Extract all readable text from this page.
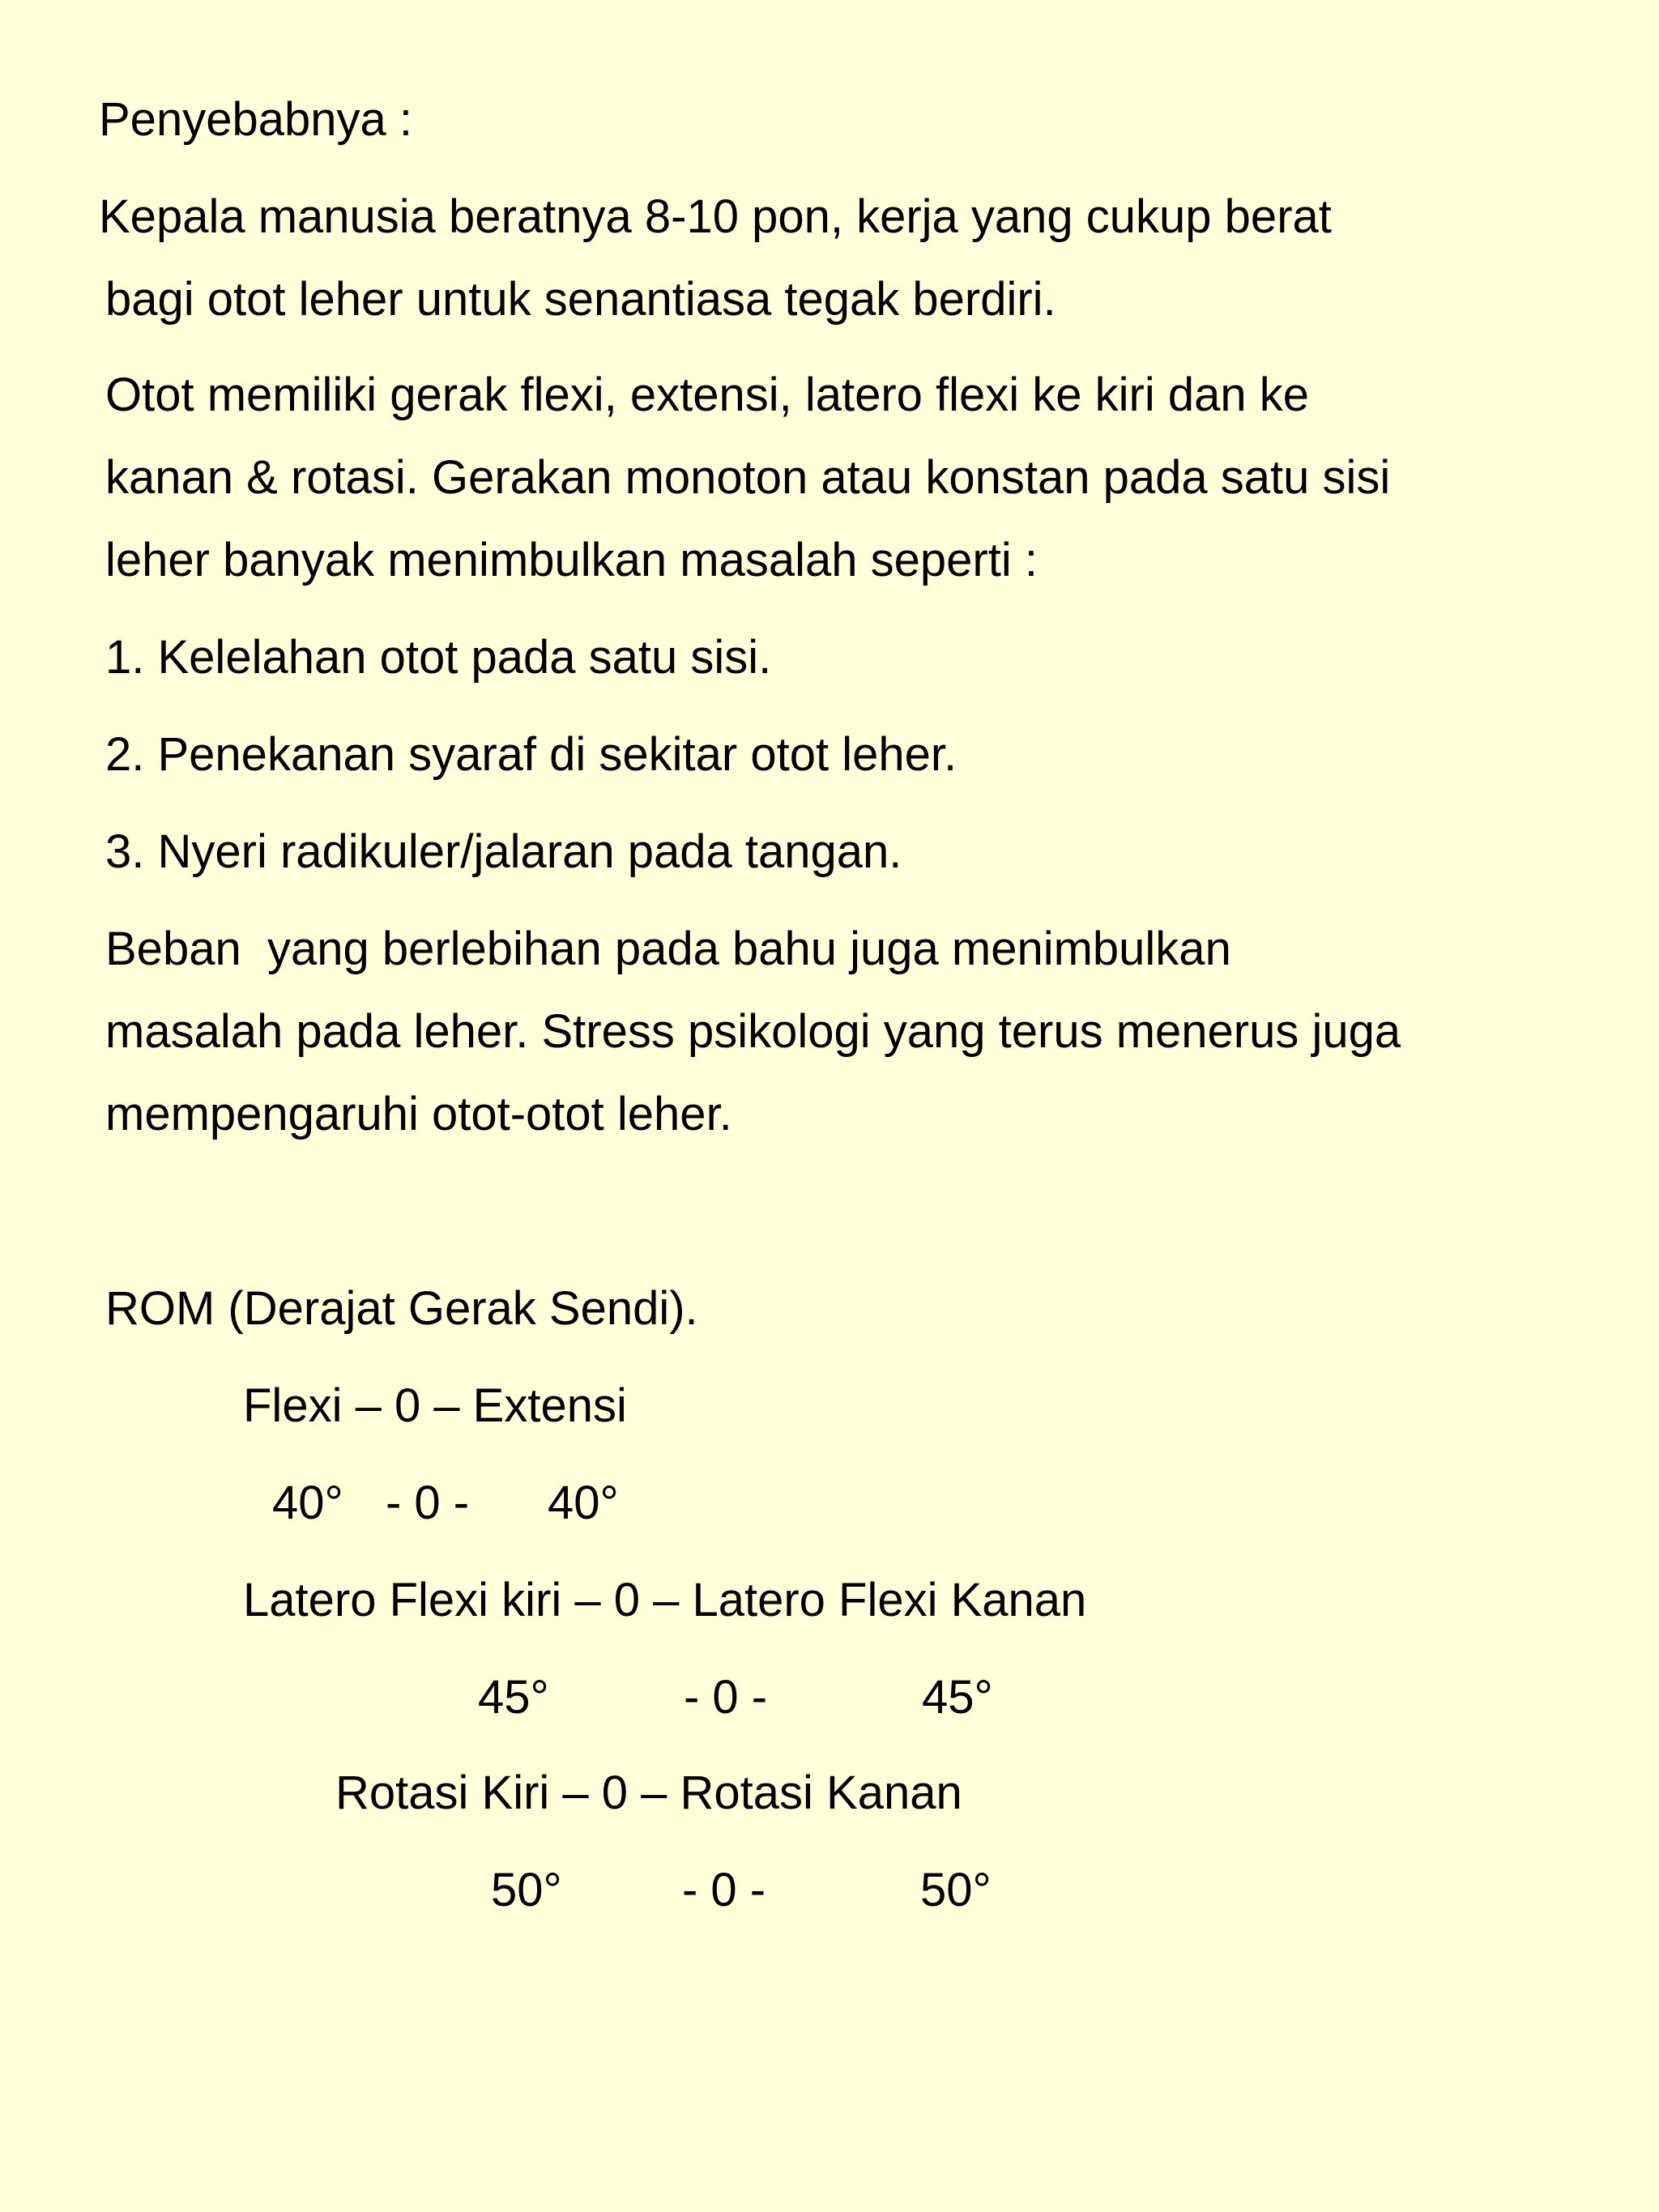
Penyebabnya :

Kepala manusia beratnya 8-10 pon, kerja yang cukup berat

bagi otot leher untuk senantiasa tegak berdiri.

Otot memiliki gerak flexi, extensi, latero flexi ke kiri dan ke

kanan & rotasi. Gerakan monoton atau konstan pada satu sisi

leher banyak menimbulkan masalah seperti :

1. Kelelahan otot pada satu sisi.

2. Penekanan syaraf di sekitar otot leher.

3. Nyeri radikuler/jalaran pada tangan.

Beban  yang berlebihan pada bahu juga menimbulkan

masalah pada leher. Stress psikologi yang terus menerus juga

mempengaruhi otot-otot leher.

ROM (Derajat Gerak Sendi).

Flexi – 0 – Extensi

40° - 0 - 40°

Latero Flexi kiri – 0 – Latero Flexi Kanan

45°	- 0 -	45°

Rotasi Kiri – 0 – Rotasi Kanan

50°	- 0 -	50°
